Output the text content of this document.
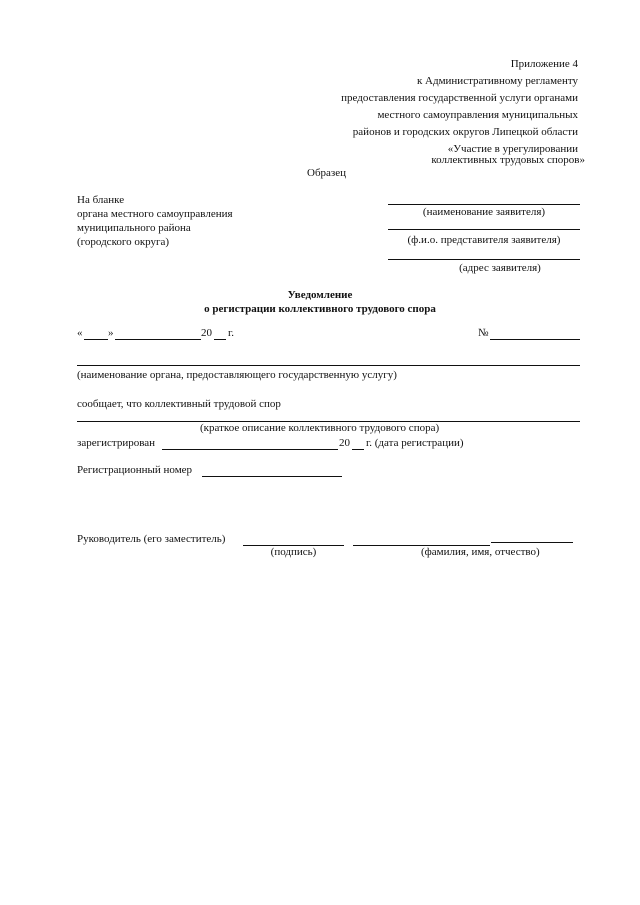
Приложение 4
к Административному регламенту
предоставления государственной услуги органами
местного самоуправления муниципальных
районов и городских округов Липецкой области
«Участие в урегулировании
коллективных трудовых споров»
Образец
На бланке
органа местного самоуправления
муниципального района
(городского округа)
(наименование заявителя)
(ф.и.о. представителя заявителя)
(адрес заявителя)
Уведомление
о регистрации коллективного трудового спора
« »	20 г.	№
(наименование органа, предоставляющего государственную услугу)
сообщает, что коллективный трудовой спор
(краткое описание коллективного трудового спора)
зарегистрирован	20 г. (дата регистрации)
Регистрационный номер
Руководитель (его заместитель)
(подпись)	(фамилия, имя, отчество)
